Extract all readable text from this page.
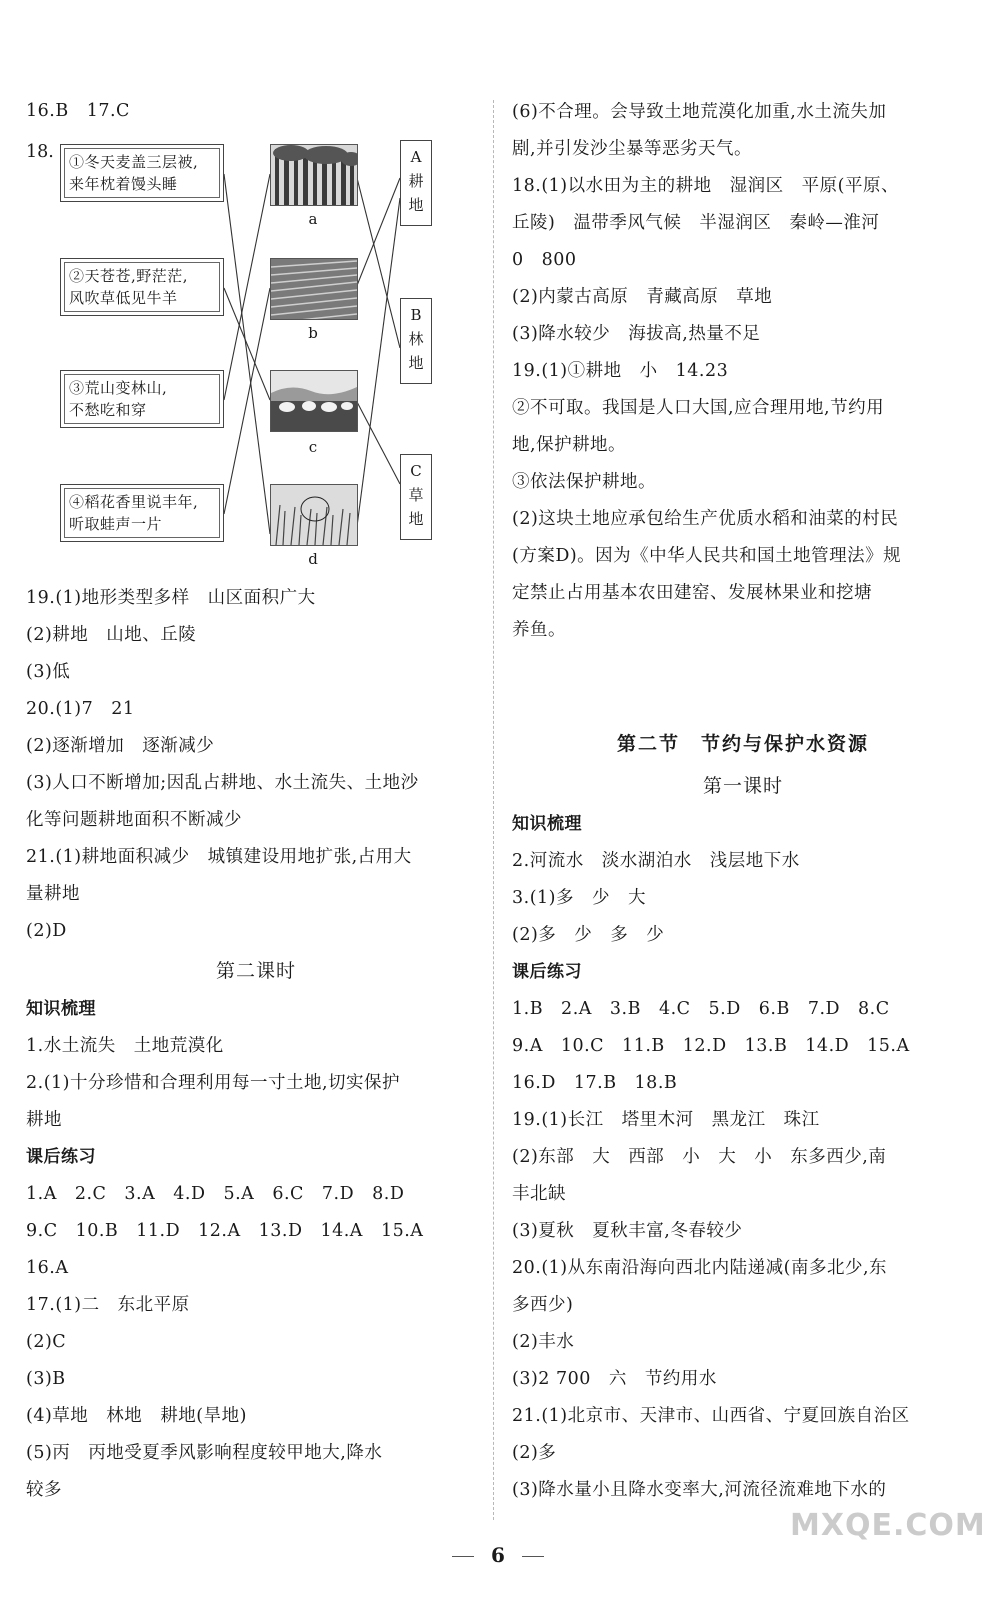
16.B　17.C
18. ①冬天麦盖三层被,
来年枕着馒头睡
②天苍苍,野茫茫,
风吹草低见牛羊
③荒山变林山,
不愁吃和穿
④稻花香里说丰年,
听取蛙声一片
a
b
c
d
A
耕
地
B
林
地
C
草
地
19.(1)地形类型多样　山区面积广大
(2)耕地　山地、丘陵
(3)低
20.(1)7　21
(2)逐渐增加　逐渐减少
(3)人口不断增加;因乱占耕地、水土流失、土地沙
化等问题耕地面积不断减少
21.(1)耕地面积减少　城镇建设用地扩张,占用大
量耕地
(2)D
第二课时
知识梳理
1.水土流失　土地荒漠化
2.(1)十分珍惜和合理利用每一寸土地,切实保护
耕地
课后练习
1.A　2.C　3.A　4.D　5.A　6.C　7.D　8.D
9.C　10.B　11.D　12.A　13.D　14.A　15.A
16.A
17.(1)二　东北平原
(2)C
(3)B
(4)草地　林地　耕地(旱地)
(5)丙　丙地受夏季风影响程度较甲地大,降水
较多
(6)不合理。会导致土地荒漠化加重,水土流失加
剧,并引发沙尘暴等恶劣天气。
18.(1)以水田为主的耕地　湿润区　平原(平原、
丘陵)　温带季风气候　半湿润区　秦岭—淮河
0　800
(2)内蒙古高原　青藏高原　草地
(3)降水较少　海拔高,热量不足
19.(1)①耕地　小　14.23
②不可取。我国是人口大国,应合理用地,节约用
地,保护耕地。
③依法保护耕地。
(2)这块土地应承包给生产优质水稻和油菜的村民
(方案D)。因为《中华人民共和国土地管理法》规
定禁止占用基本农田建窑、发展林果业和挖塘
养鱼。
第二节　节约与保护水资源
第一课时
知识梳理
2.河流水　淡水湖泊水　浅层地下水
3.(1)多　少　大
(2)多　少　多　少
课后练习
1.B　2.A　3.B　4.C　5.D　6.B　7.D　8.C
9.A　10.C　11.B　12.D　13.B　14.D　15.A
16.D　17.B　18.B
19.(1)长江　塔里木河　黑龙江　珠江
(2)东部　大　西部　小　大　小　东多西少,南
丰北缺
(3)夏秋　夏秋丰富,冬春较少
20.(1)从东南沿海向西北内陆递减(南多北少,东
多西少)
(2)丰水
(3)2 700　六　节约用水
21.(1)北京市、天津市、山西省、宁夏回族自治区
(2)多
(3)降水量小且降水变率大,河流径流难地下水的
MXQE.COM
6
